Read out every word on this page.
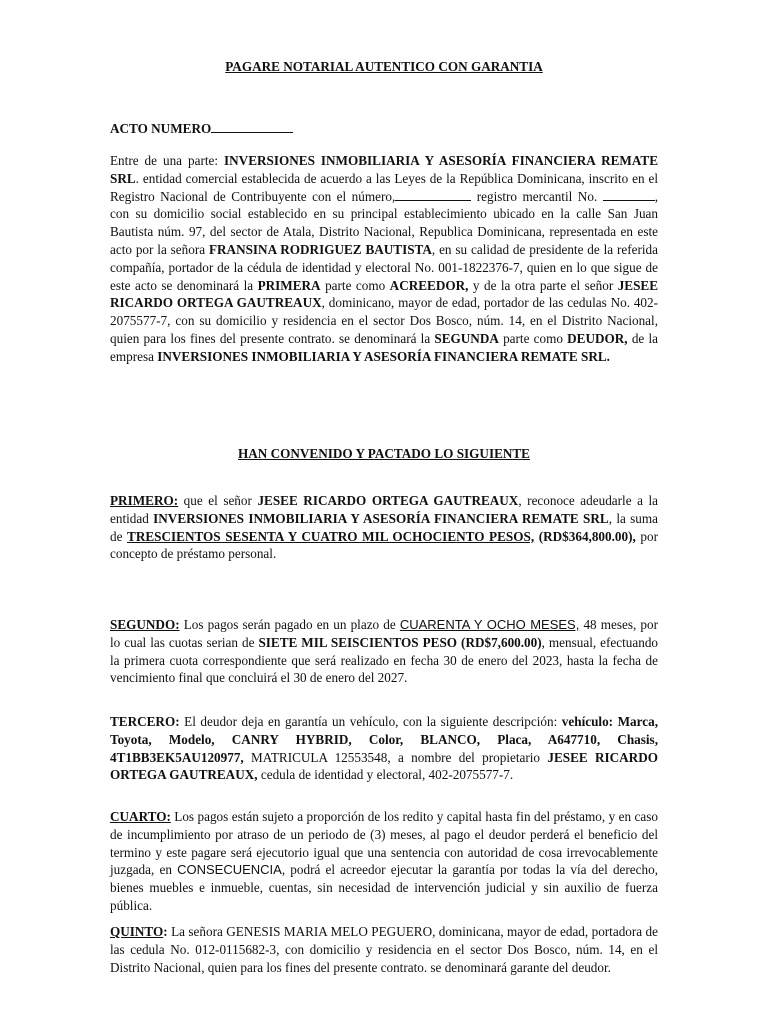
PAGARE NOTARIAL AUTENTICO CON GARANTIA

ACTO NUMERO

Entre de una parte: INVERSIONES INMOBILIARIA Y ASESORÍA FINANCIERA REMATE SRL. entidad comercial establecida de acuerdo a las Leyes de la República Dominicana, inscrito en el Registro Nacional de Contribuyente con el número,	registro mercantil No.	, con su domicilio social establecido en su principal establecimiento ubicado en la calle San Juan Bautista núm. 97, del sector de Atala, Distrito Nacional, Republica Dominicana, representada en este acto por la señora FRANSINA RODRIGUEZ BAUTISTA, en su calidad de presidente de la referida compañía, portador de la cédula de identidad y electoral No. 001-1822376-7, quien en lo que sigue de este acto se denominará la PRIMERA parte como ACREEDOR, y de la otra parte el señor JESEE RICARDO ORTEGA GAUTREAUX, dominicano, mayor de edad, portador de las cedulas No. 402-2075577-7, con su domicilio y residencia en el sector Dos Bosco, núm. 14, en el Distrito Nacional, quien para los fines del presente contrato. se denominará la SEGUNDA parte como DEUDOR, de la empresa INVERSIONES INMOBILIARIA Y ASESORÍA FINANCIERA REMATE SRL.

HAN CONVENIDO Y PACTADO LO SIGUIENTE

PRIMERO: que el señor JESEE RICARDO ORTEGA GAUTREAUX, reconoce adeudarle a la entidad INVERSIONES INMOBILIARIA Y ASESORÍA FINANCIERA REMATE SRL, la suma de TRESCIENTOS SESENTA Y CUATRO MIL OCHOCIENTO PESOS, (RD$364,800.00), por concepto de préstamo personal.

SEGUNDO: Los pagos serán pagado en un plazo de CUARENTA Y OCHO MESES, 48 meses, por lo cual las cuotas serian de SIETE MIL SEISCIENTOS PESO (RD$7,600.00), mensual, efectuando la primera cuota correspondiente que será realizado en fecha 30 de enero del 2023, hasta la fecha de vencimiento final que concluirá el 30 de enero del 2027.

TERCERO: El deudor deja en garantía un vehículo, con la siguiente descripción: vehículo: Marca, Toyota, Modelo, CANRY HYBRID, Color, BLANCO, Placa, A647710, Chasis, 4T1BB3EK5AU120977, MATRICULA 12553548, a nombre del propietario JESEE RICARDO ORTEGA GAUTREAUX, cedula de identidad y electoral, 402-2075577-7.

CUARTO: Los pagos están sujeto a proporción de los redito y capital hasta fin del préstamo, y en caso de incumplimiento por atraso de un periodo de (3) meses, al pago el deudor perderá el beneficio del termino y este pagare será ejecutorio igual que una sentencia con autoridad de cosa irrevocablemente juzgada, en CONSECUENCIA, podrá el acreedor ejecutar la garantía por todas la vía del derecho, bienes muebles e inmueble, cuentas, sin necesidad de intervención judicial y sin auxilio de fuerza pública.

QUINTO: La señora GENESIS MARIA MELO PEGUERO, dominicana, mayor de edad, portadora de las cedula No. 012-0115682-3, con domicilio y residencia en el sector Dos Bosco, núm. 14, en el Distrito Nacional, quien para los fines del presente contrato. se denominará garante del deudor.
